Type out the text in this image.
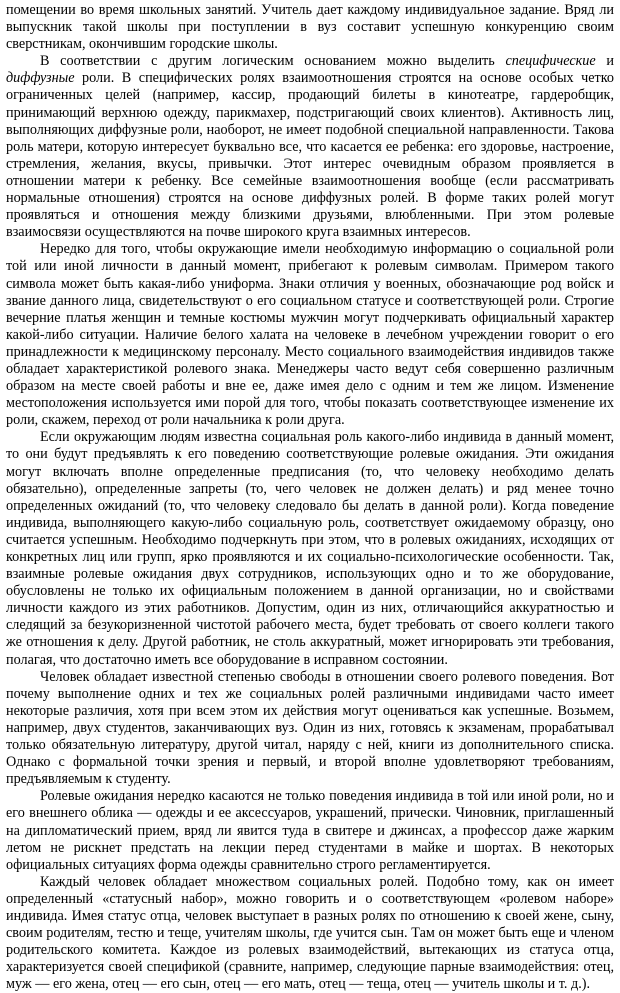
помещении во время школьных занятий. Учитель дает каждому индивидуальное задание. Вряд ли выпускник такой школы при поступлении в вуз составит успешную конкуренцию своим сверстникам, окончившим городские школы.

В соответствии с другим логическим основанием можно выделить специфические и диффузные роли. В специфических ролях взаимоотношения строятся на основе особых четко ограниченных целей (например, кассир, продающий билеты в кинотеатре, гардеробщик, принимающий верхнюю одежду, парикмахер, подстригающий своих клиентов). Активность лиц, выполняющих диффузные роли, наоборот, не имеет подобной специальной направленности. Такова роль матери, которую интересует буквально все, что касается ее ребенка: его здоровье, настроение, стремления, желания, вкусы, привычки. Этот интерес очевидным образом проявляется в отношении матери к ребенку. Все семейные взаимоотношения вообще (если рассматривать нормальные отношения) строятся на основе диффузных ролей. В форме таких ролей могут проявляться и отношения между близкими друзьями, влюбленными. При этом ролевые взаимосвязи осуществляются на почве широкого круга взаимных интересов.

Нередко для того, чтобы окружающие имели необходимую информацию о социальной роли той или иной личности в данный момент, прибегают к ролевым символам. Примером такого символа может быть какая-либо униформа. Знаки отличия у военных, обозначающие род войск и звание данного лица, свидетельствуют о его социальном статусе и соответствующей роли. Строгие вечерние платья женщин и темные костюмы мужчин могут подчеркивать официальный характер какой-либо ситуации. Наличие белого халата на человеке в лечебном учреждении говорит о его принадлежности к медицинскому персоналу. Место социального взаимодействия индивидов также обладает характеристикой ролевого знака. Менеджеры часто ведут себя совершенно различным образом на месте своей работы и вне ее, даже имея дело с одним и тем же лицом. Изменение местоположения используется ими порой для того, чтобы показать соответствующее изменение их роли, скажем, переход от роли начальника к роли друга.

Если окружающим людям известна социальная роль какого-либо индивида в данный момент, то они будут предъявлять к его поведению соответствующие ролевые ожидания. Эти ожидания могут включать вполне определенные предписания (то, что человеку необходимо делать обязательно), определенные запреты (то, чего человек не должен делать) и ряд менее точно определенных ожиданий (то, что человеку следовало бы делать в данной роли). Когда поведение индивида, выполняющего какую-либо социальную роль, соответствует ожидаемому образцу, оно считается успешным. Необходимо подчеркнуть при этом, что в ролевых ожиданиях, исходящих от конкретных лиц или групп, ярко проявляются и их социально-психологические особенности. Так, взаимные ролевые ожидания двух сотрудников, использующих одно и то же оборудование, обусловлены не только их официальным положением в данной организации, но и свойствами личности каждого из этих работников. Допустим, один из них, отличающийся аккуратностью и следящий за безукоризненной чистотой рабочего места, будет требовать от своего коллеги такого же отношения к делу. Другой работник, не столь аккуратный, может игнорировать эти требования, полагая, что достаточно иметь все оборудование в исправном состоянии.

Человек обладает известной степенью свободы в отношении своего ролевого поведения. Вот почему выполнение одних и тех же социальных ролей различными индивидами часто имеет некоторые различия, хотя при всем этом их действия могут оцениваться как успешные. Возьмем, например, двух студентов, заканчивающих вуз. Один из них, готовясь к экзаменам, прорабатывал только обязательную литературу, другой читал, наряду с ней, книги из дополнительного списка. Однако с формальной точки зрения и первый, и второй вполне удовлетворяют требованиям, предъявляемым к студенту.

Ролевые ожидания нередко касаются не только поведения индивида в той или иной роли, но и его внешнего облика — одежды и ее аксессуаров, украшений, прически. Чиновник, приглашенный на дипломатический прием, вряд ли явится туда в свитере и джинсах, а профессор даже жарким летом не рискнет предстать на лекции перед студентами в майке и шортах. В некоторых официальных ситуациях форма одежды сравнительно строго регламентируется.

Каждый человек обладает множеством социальных ролей. Подобно тому, как он имеет определенный «статусный набор», можно говорить и о соответствующем «ролевом наборе» индивида. Имея статус отца, человек выступает в разных ролях по отношению к своей жене, сыну, своим родителям, тестю и теще, учителям школы, где учится сын. Там он может быть еще и членом родительского комитета. Каждое из ролевых взаимодействий, вытекающих из статуса отца, характеризуется своей спецификой (сравните, например, следующие парные взаимодействия: отец, муж — его жена, отец — его сын, отец — его мать, отец — теща, отец — учитель школы и т. д.).
